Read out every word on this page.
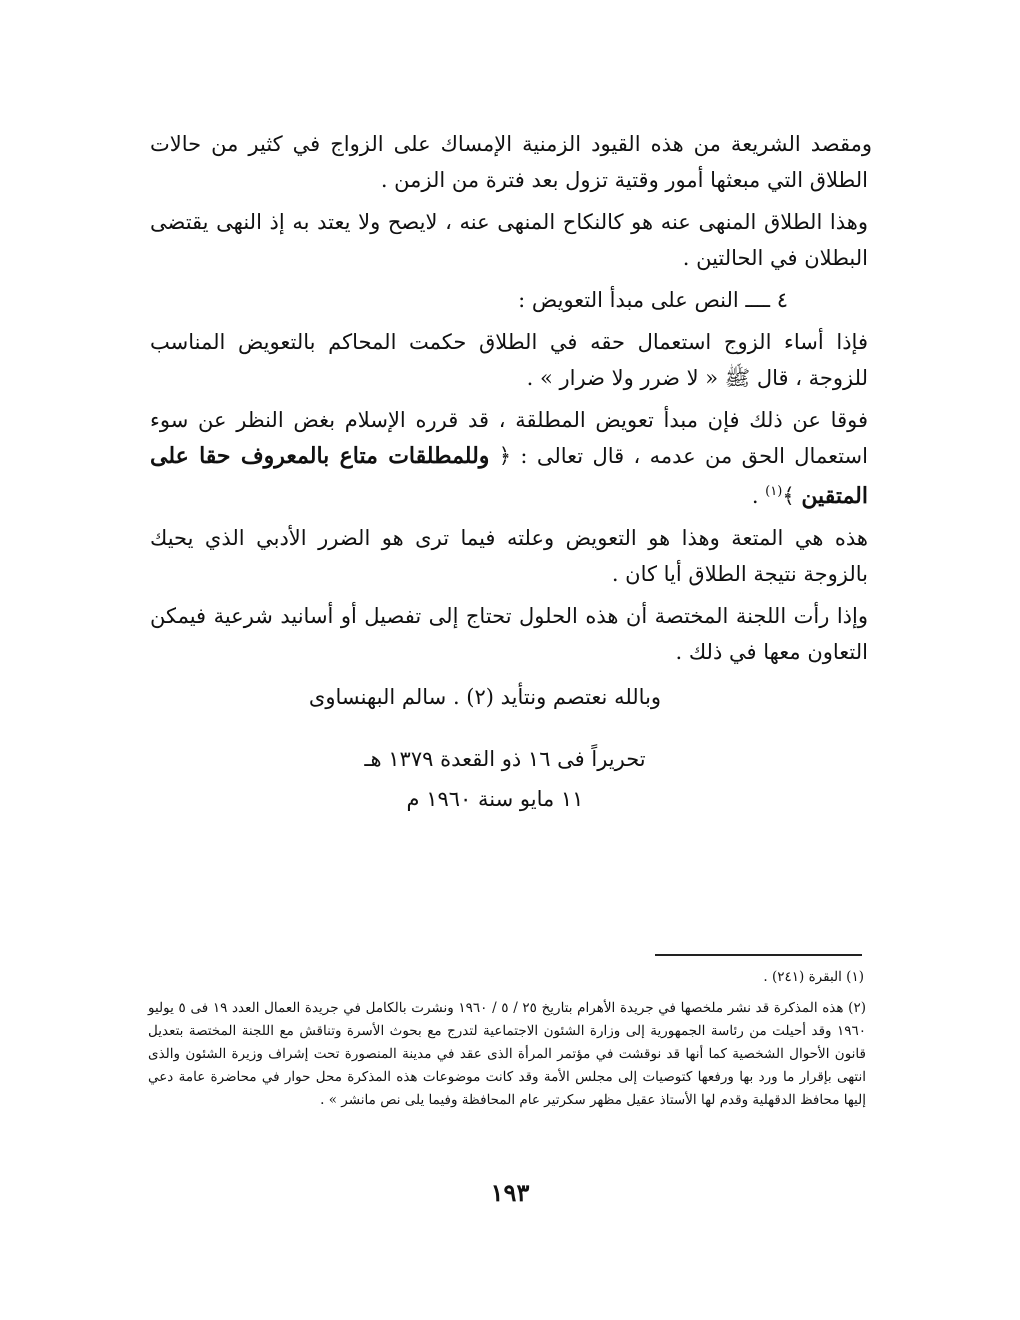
ومقصد الشريعة من هذه القيود الزمنية الإمساك على الزواج في كثير من حالات الطلاق التي مبعثها أمور وقتية تزول بعد فترة من الزمن .

وهذا الطلاق المنهى عنه هو كالنكاح المنهى عنه ، لايصح ولا يعتد به إذ النهى يقتضى البطلان في الحالتين .

٤ ــــ النص على مبدأ التعويض :

فإذا أساء الزوج استعمال حقه في الطلاق حكمت المحاكم بالتعويض المناسب للزوجة ، قال ﷺ « لا ضرر ولا ضرار » .

فوقا عن ذلك فإن مبدأ تعويض المطلقة ، قد قرره الإسلام بغض النظر عن سوء استعمال الحق من عدمه ، قال تعالى : ﴿ وللمطلقات متاع بالمعروف حقا على المتقين ﴾$^{(١)}$ .

هذه هي المتعة وهذا هو التعويض وعلته فيما ترى هو الضرر الأدبي الذي يحيك بالزوجة نتيجة الطلاق أيا كان .

وإذا رأت اللجنة المختصة أن هذه الحلول تحتاج إلى تفصيل أو أسانيد شرعية فيمكن التعاون معها في ذلك .

وبالله نعتصم ونتأيد (٢) . سالم البهنساوى
تحريراً فى ١٦ ذو القعدة ١٣٧٩ هـ
١١ مايو سنة ١٩٦٠ م

(١) البقرة (٢٤١) .

(٢) هذه المذكرة قد نشر ملخصها في جريدة الأهرام بتاريخ ٢٥ / ٥ / ١٩٦٠ ونشرت بالكامل في جريدة العمال العدد ١٩ فى ٥ يوليو ١٩٦٠ وقد أحيلت من رئاسة الجمهورية إلى وزارة الشئون الاجتماعية لتدرج مع بحوث الأسرة وتناقش مع اللجنة المختصة بتعديل قانون الأحوال الشخصية كما أنها قد نوقشت في مؤتمر المرأة الذى عقد في مدينة المنصورة تحت إشراف وزيرة الشئون والذى انتهى بإقرار ما ورد بها ورفعها كتوصيات إلى مجلس الأمة وقد كانت موضوعات هذه المذكرة محل حوار في محاضرة عامة دعي إليها محافظ الدقهلية وقدم لها الأستاذ عقيل مظهر سكرتير عام المحافظة وفيما يلى نص مانشر » .

١٩٣
